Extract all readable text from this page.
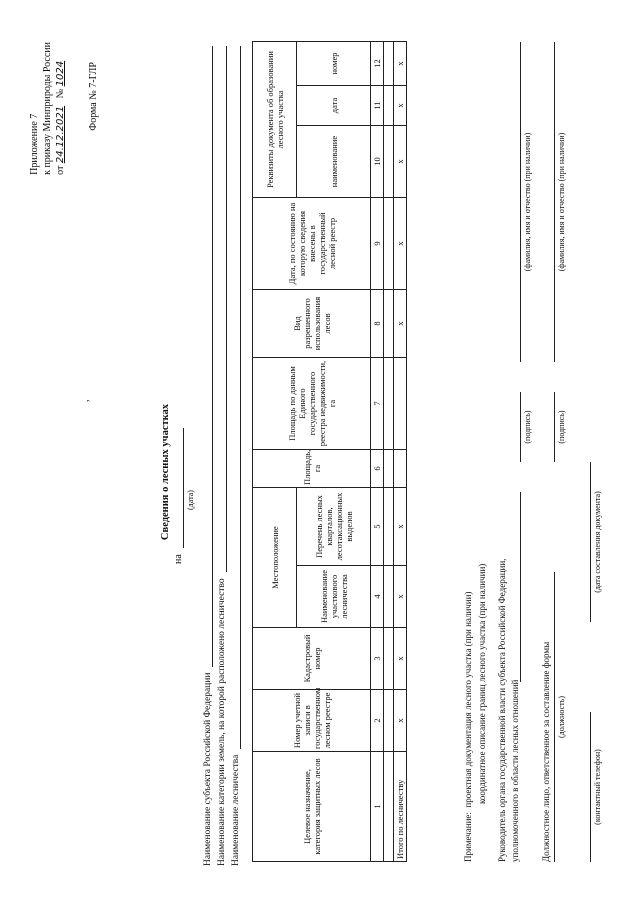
Приложение 7 к приказу Минприроды России от 24.12.2021   № 1024 Форма № 7-ГЛР
,
Сведения о лесных участках
на
(дата)
Наименование субъекта Российской Федерации Наименование категории земель, на которой расположено лесничество Наименование лесничества	Целевое назначение, категория защитных лесов	Номер учетной записи в государственном лесном реестре	Кадастровый номер	Местоположение		Площадь, га	Площадь по данным Единого государственного реестра недвижимости, га	Вид разрешенного использования лесов	Дата, по состоянию на которую сведения внесены в государственный лесной реестр	Реквизиты документа об образовании лесного участка		
			Наименование участкового лесничества	Перечень лесных кварталов, лесотаксационных выделов					наименование	дата	номер
1	2	3	4	5	6	7	8	9	10	11	12

Итого по лесничеству	х	х	х	х			х	х	х	х	х
Примечание:  проектная документация лесного участка (при наличии) координатное описание границ лесного участка (при наличии) Руководитель органа государственной власти субъекта Российской Федерации, уполномоченного в области лесных отношений
(подпись)
(фамилия, имя и отчество (при наличии)
Должностное лицо, ответственное за составление формы (должность)
(подпись)
(фамилия, имя и отчество (при наличии)
(контактный телефон)
(дата составления документа)
